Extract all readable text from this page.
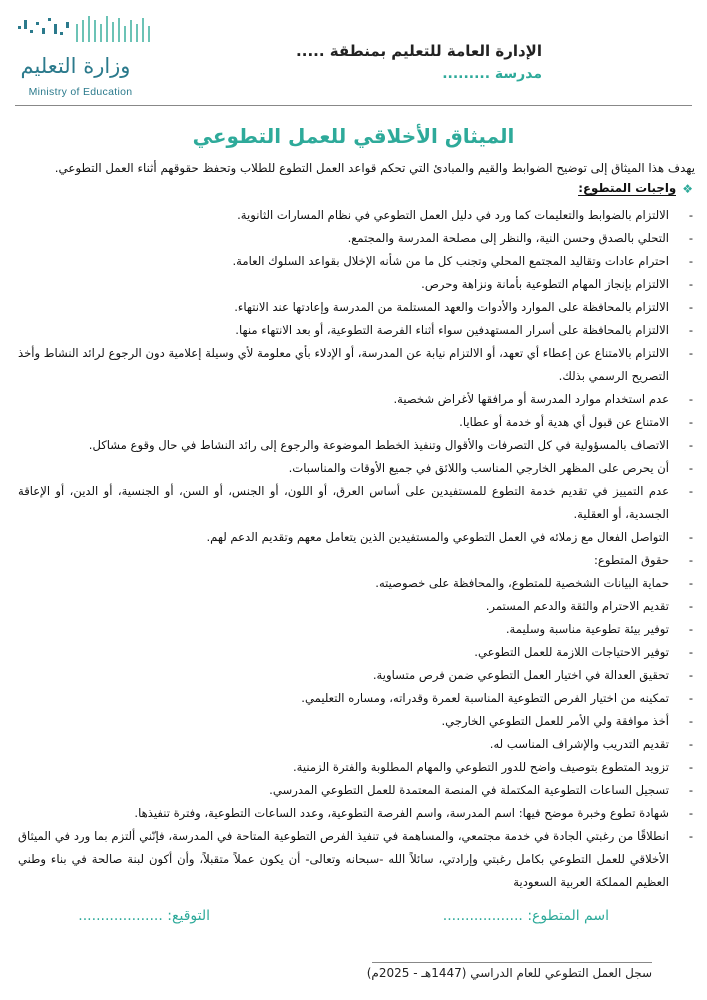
الإدارة العامة للتعليم بمنطقة .....
مدرسة .........
وزارة التعليم
Ministry of Education
الميثاق الأخلاقي للعمل التطوعي
يهدف هذا الميثاق إلى توضيح الضوابط والقيم والمبادئ التي تحكم قواعد العمل التطوع للطلاب وتحفظ حقوقهم أثناء العمل التطوعي.
❖
واجبات المتطوع:
-
الالتزام بالضوابط والتعليمات كما ورد في دليل العمل التطوعي في نظام المسارات الثانوية.
-
التحلي بالصدق وحسن النية، والنظر إلى مصلحة المدرسة والمجتمع.
-
احترام عادات وتقاليد المجتمع المحلي وتجنب كل ما من شأنه الإخلال بقواعد السلوك العامة.
-
الالتزام بإنجاز المهام التطوعية بأمانة ونزاهة وحرص.
-
الالتزام بالمحافظة على الموارد والأدوات والعهد المستلمة من المدرسة وإعادتها عند الانتهاء.
-
الالتزام بالمحافظة على أسرار المستهدفين سواء أثناء الفرصة التطوعية، أو بعد الانتهاء منها.
-
الالتزام بالامتناع عن إعطاء أي تعهد، أو الالتزام نيابة عن المدرسة، أو الإدلاء بأي معلومة لأي وسيلة إعلامية دون الرجوع لرائد النشاط وأخذ التصريح الرسمي بذلك.
-
عدم استخدام موارد المدرسة أو مرافقها لأغراض شخصية.
-
الامتناع عن قبول أي هدية أو خدمة أو عطايا.
-
الاتصاف بالمسؤولية في كل التصرفات والأقوال وتنفيذ الخطط الموضوعة والرجوع إلى رائد النشاط في حال وقوع مشاكل.
-
أن يحرص على المظهر الخارجي المناسب واللائق في جميع الأوقات والمناسبات.
-
عدم التمييز في تقديم خدمة التطوع للمستفيدين على أساس العرق، أو اللون، أو الجنس، أو السن، أو الجنسية، أو الدين، أو الإعاقة الجسدية، أو العقلية.
-
التواصل الفعال مع زملائه في العمل التطوعي والمستفيدين الذين يتعامل معهم وتقديم الدعم لهم.
-
حقوق المتطوع:
-
حماية البيانات الشخصية للمتطوع، والمحافظة على خصوصيته.
-
تقديم الاحترام والثقة والدعم المستمر.
-
توفير بيئة تطوعية مناسبة وسليمة.
-
توفير الاحتياجات اللازمة للعمل التطوعي.
-
تحقيق العدالة في اختيار العمل التطوعي ضمن فرص متساوية.
-
تمكينه من اختيار الفرص التطوعية المناسبة لعمرة وقدراته، ومساره التعليمي.
-
أخذ موافقة ولي الأمر للعمل التطوعي الخارجي.
-
تقديم التدريب والإشراف المناسب له.
-
تزويد المتطوع بتوصيف واضح للدور التطوعي والمهام المطلوبة والفترة الزمنية.
-
تسجيل الساعات التطوعية المكتملة في المنصة المعتمدة للعمل التطوعي المدرسي.
-
شهادة تطوع وخبرة موضح فيها: اسم المدرسة، واسم الفرصة التطوعية، وعدد الساعات التطوعية، وفترة تنفيذها.
-
انطلاقًا من رغبتي الجادة في خدمة مجتمعي، والمساهمة في تنفيذ الفرص التطوعية المتاحة في المدرسة، فإنّني ألتزم بما ورد في الميثاق الأخلاقي للعمل التطوعي بكامل رغبتي وإرادتي، سائلاً الله -سبحانه وتعالى- أن يكون عملاً متقبلاً، وأن أكون لبنة صالحة في بناء وطني العظيم المملكة العربية السعودية
اسم المتطوع: ..................
التوقيع: ...................
سجل العمل التطوعي للعام الدراسي (1447هـ - 2025م)
